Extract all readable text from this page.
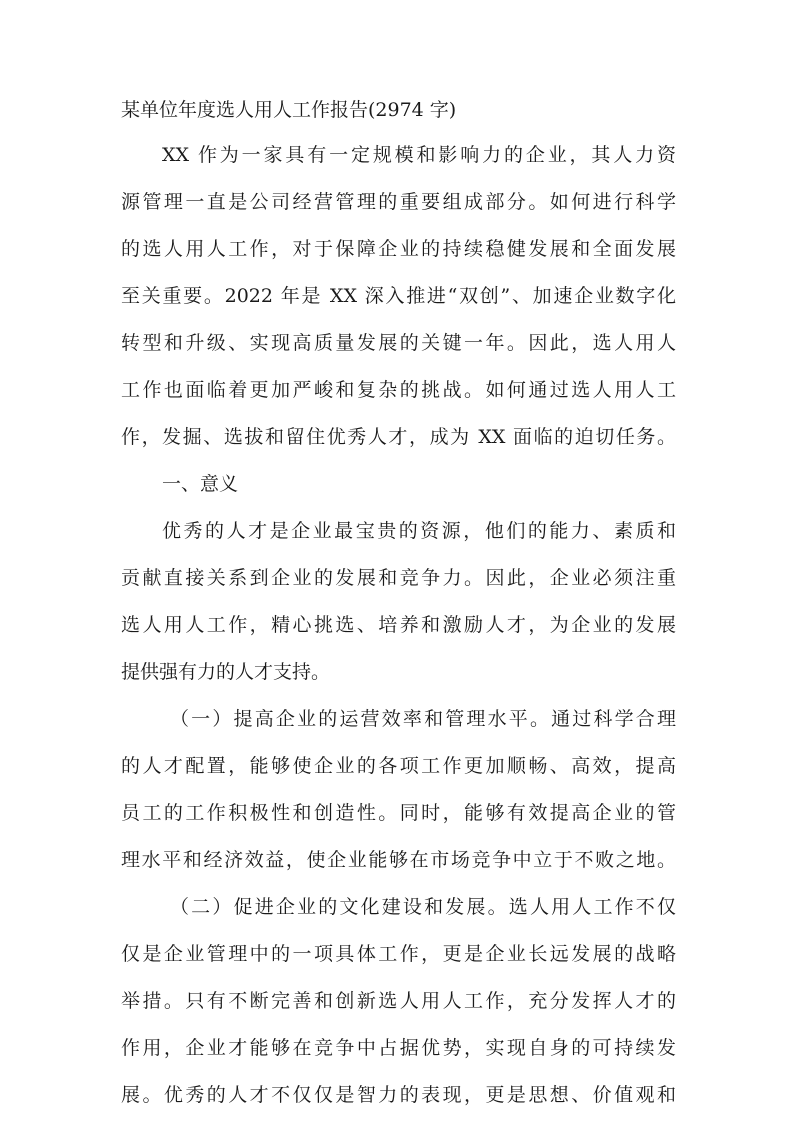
某单位年度选人用人工作报告(2974 字)
XX 作为一家具有一定规模和影响力的企业，其人力资
源管理一直是公司经营管理的重要组成部分。如何进行科学
的选人用人工作，对于保障企业的持续稳健发展和全面发展
至关重要。2022 年是 XX 深入推进“双创”、加速企业数字化
转型和升级、实现高质量发展的关键一年。因此，选人用人
工作也面临着更加严峻和复杂的挑战。如何通过选人用人工
作，发掘、选拔和留住优秀人才，成为 XX 面临的迫切任务。
一、意义
优秀的人才是企业最宝贵的资源，他们的能力、素质和
贡献直接关系到企业的发展和竞争力。因此，企业必须注重
选人用人工作，精心挑选、培养和激励人才，为企业的发展
提供强有力的人才支持。
（一）提高企业的运营效率和管理水平。通过科学合理
的人才配置，能够使企业的各项工作更加顺畅、高效，提高
员工的工作积极性和创造性。同时，能够有效提高企业的管
理水平和经济效益，使企业能够在市场竞争中立于不败之地。
（二）促进企业的文化建设和发展。选人用人工作不仅
仅是企业管理中的一项具体工作，更是企业长远发展的战略
举措。只有不断完善和创新选人用人工作，充分发挥人才的
作用，企业才能够在竞争中占据优势，实现自身的可持续发
展。优秀的人才不仅仅是智力的表现，更是思想、价值观和
